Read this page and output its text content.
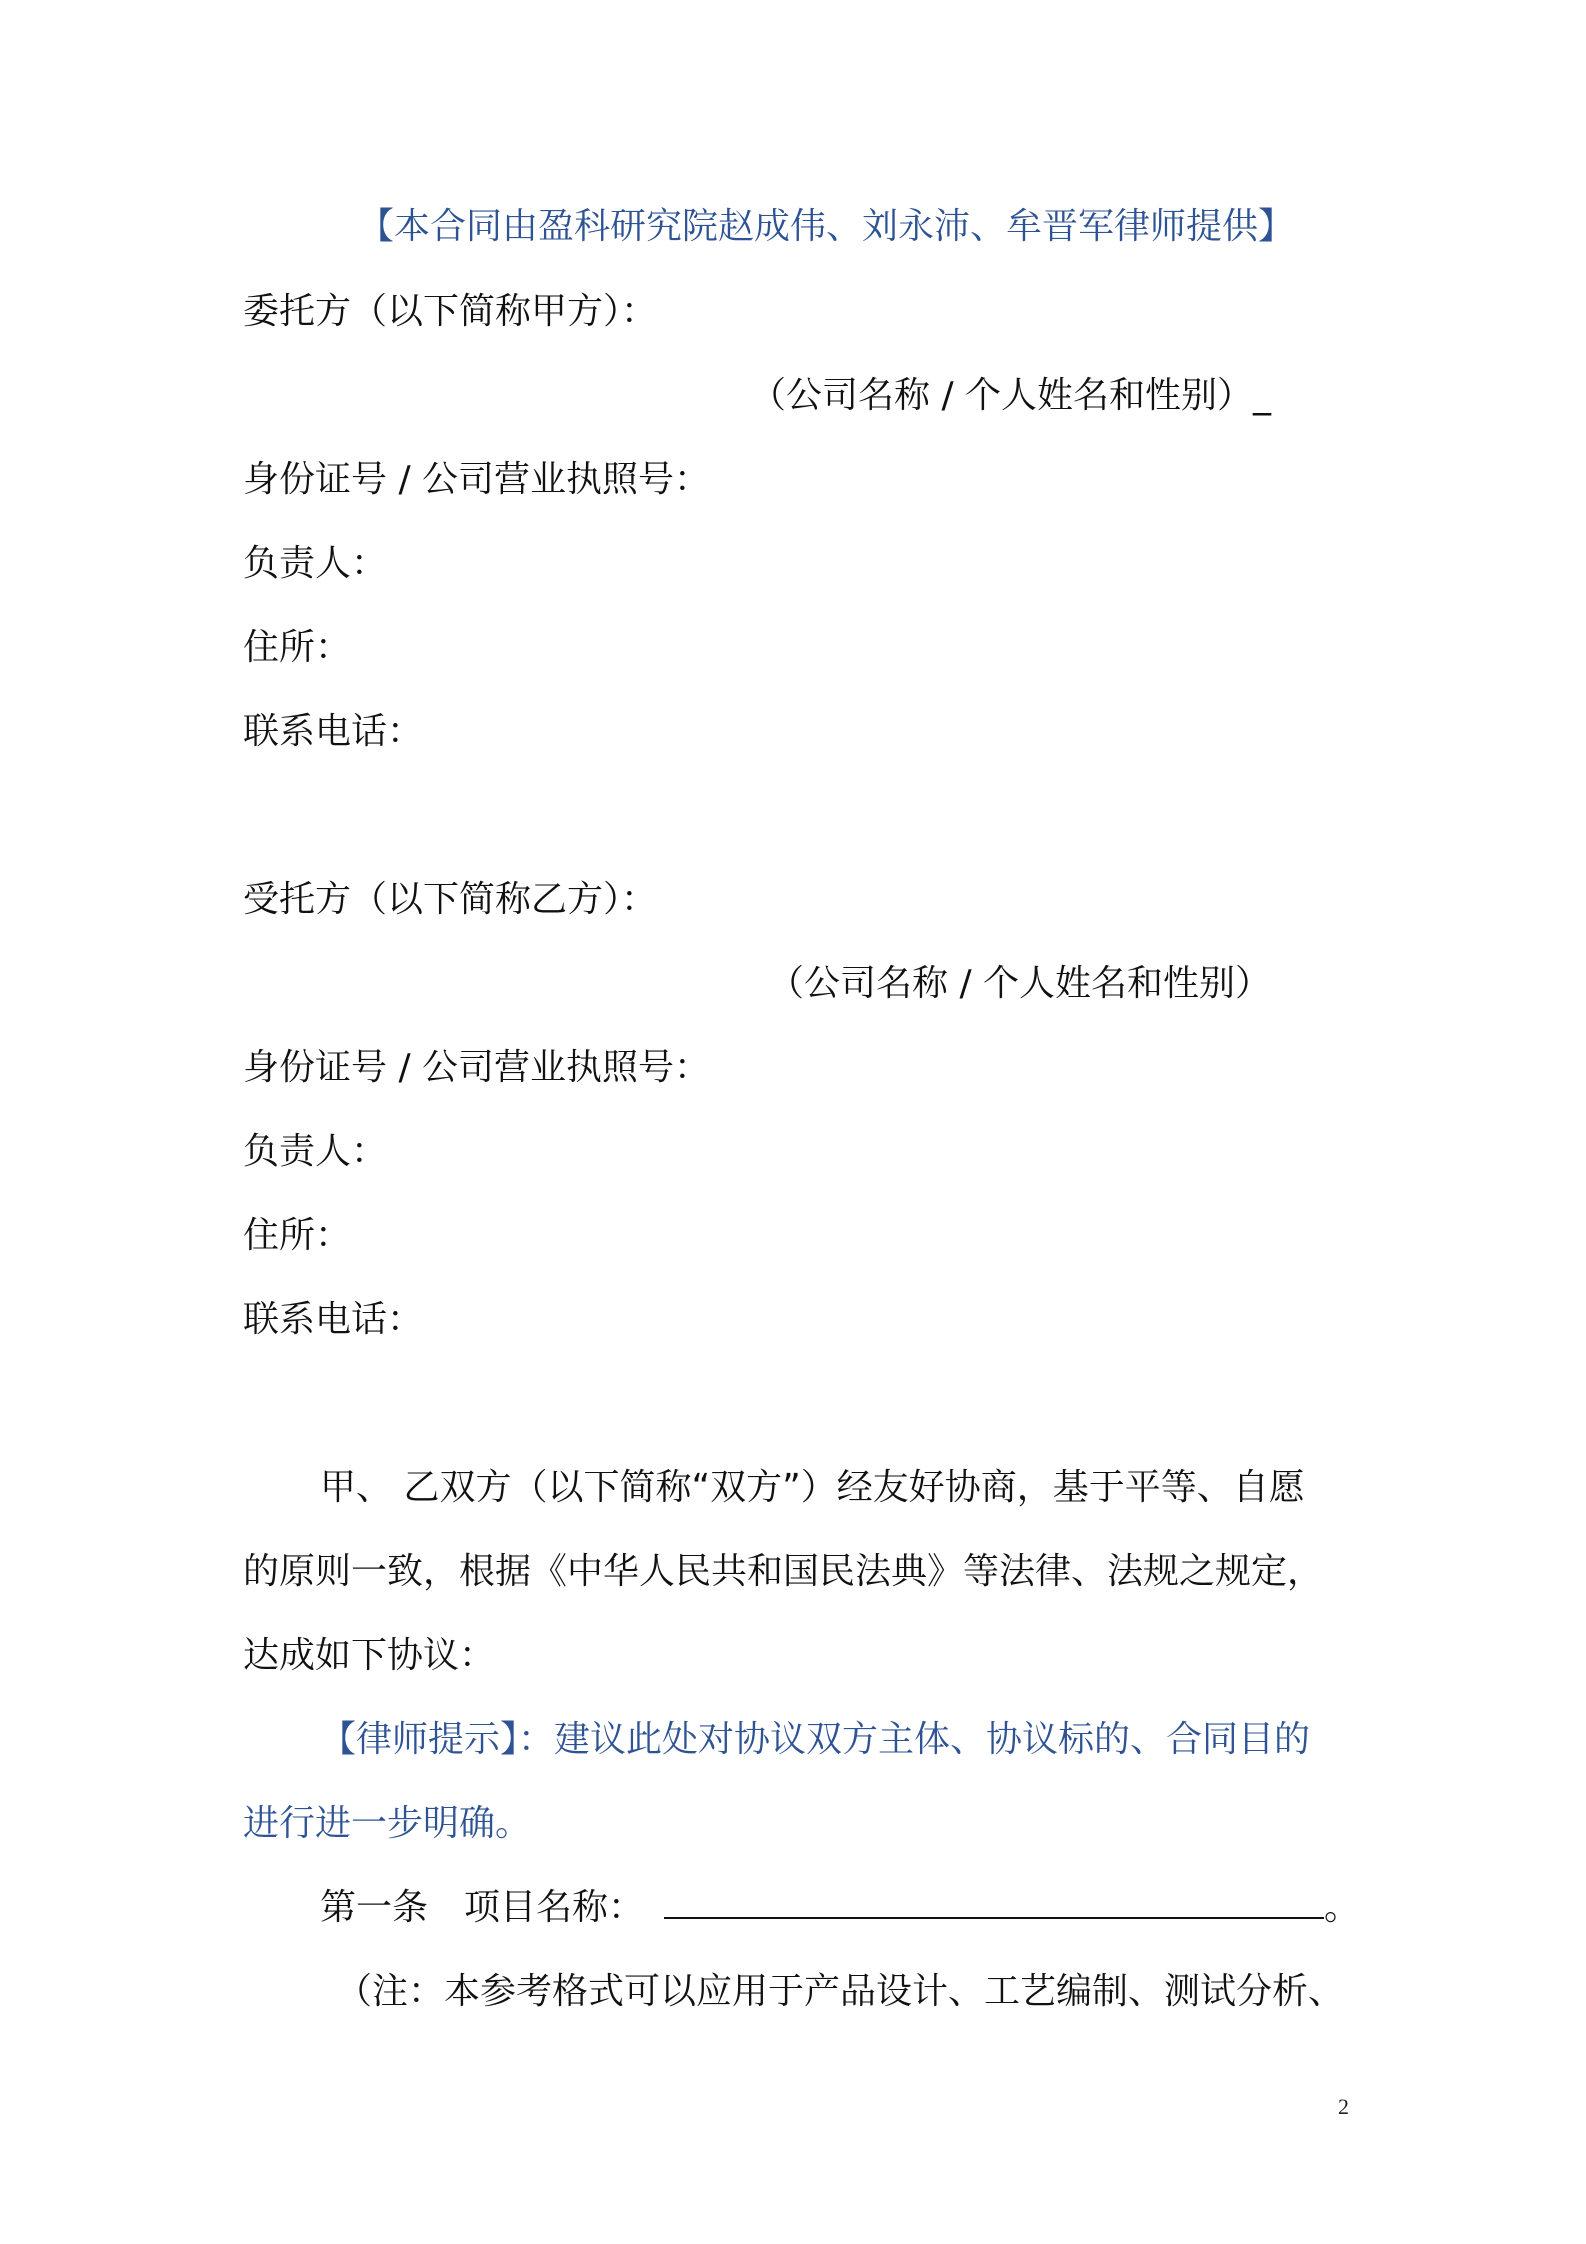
【本合同由盈科研究院赵成伟、刘永沛、牟晋军律师提供】
委托方（以下简称甲方）：
（公司名称 / 个人姓名和性别）_
身份证号 / 公司营业执照号：
负责人：
住所：
联系电话：
受托方（以下简称乙方）：
（公司名称 / 个人姓名和性别）
身份证号 / 公司营业执照号：
负责人：
住所：
联系电话：
甲、 乙双方（以下简称“双方”）经友好协商，基于平等、自愿
的原则一致，根据《中华人民共和国民法典》等法律、法规之规定，
达成如下协议：
【律师提示】：建议此处对协议双方主体、协议标的、合同目的
进行进一步明确。
第一条　项目名称：	。
（注：本参考格式可以应用于产品设计、工艺编制、测试分析、
2
